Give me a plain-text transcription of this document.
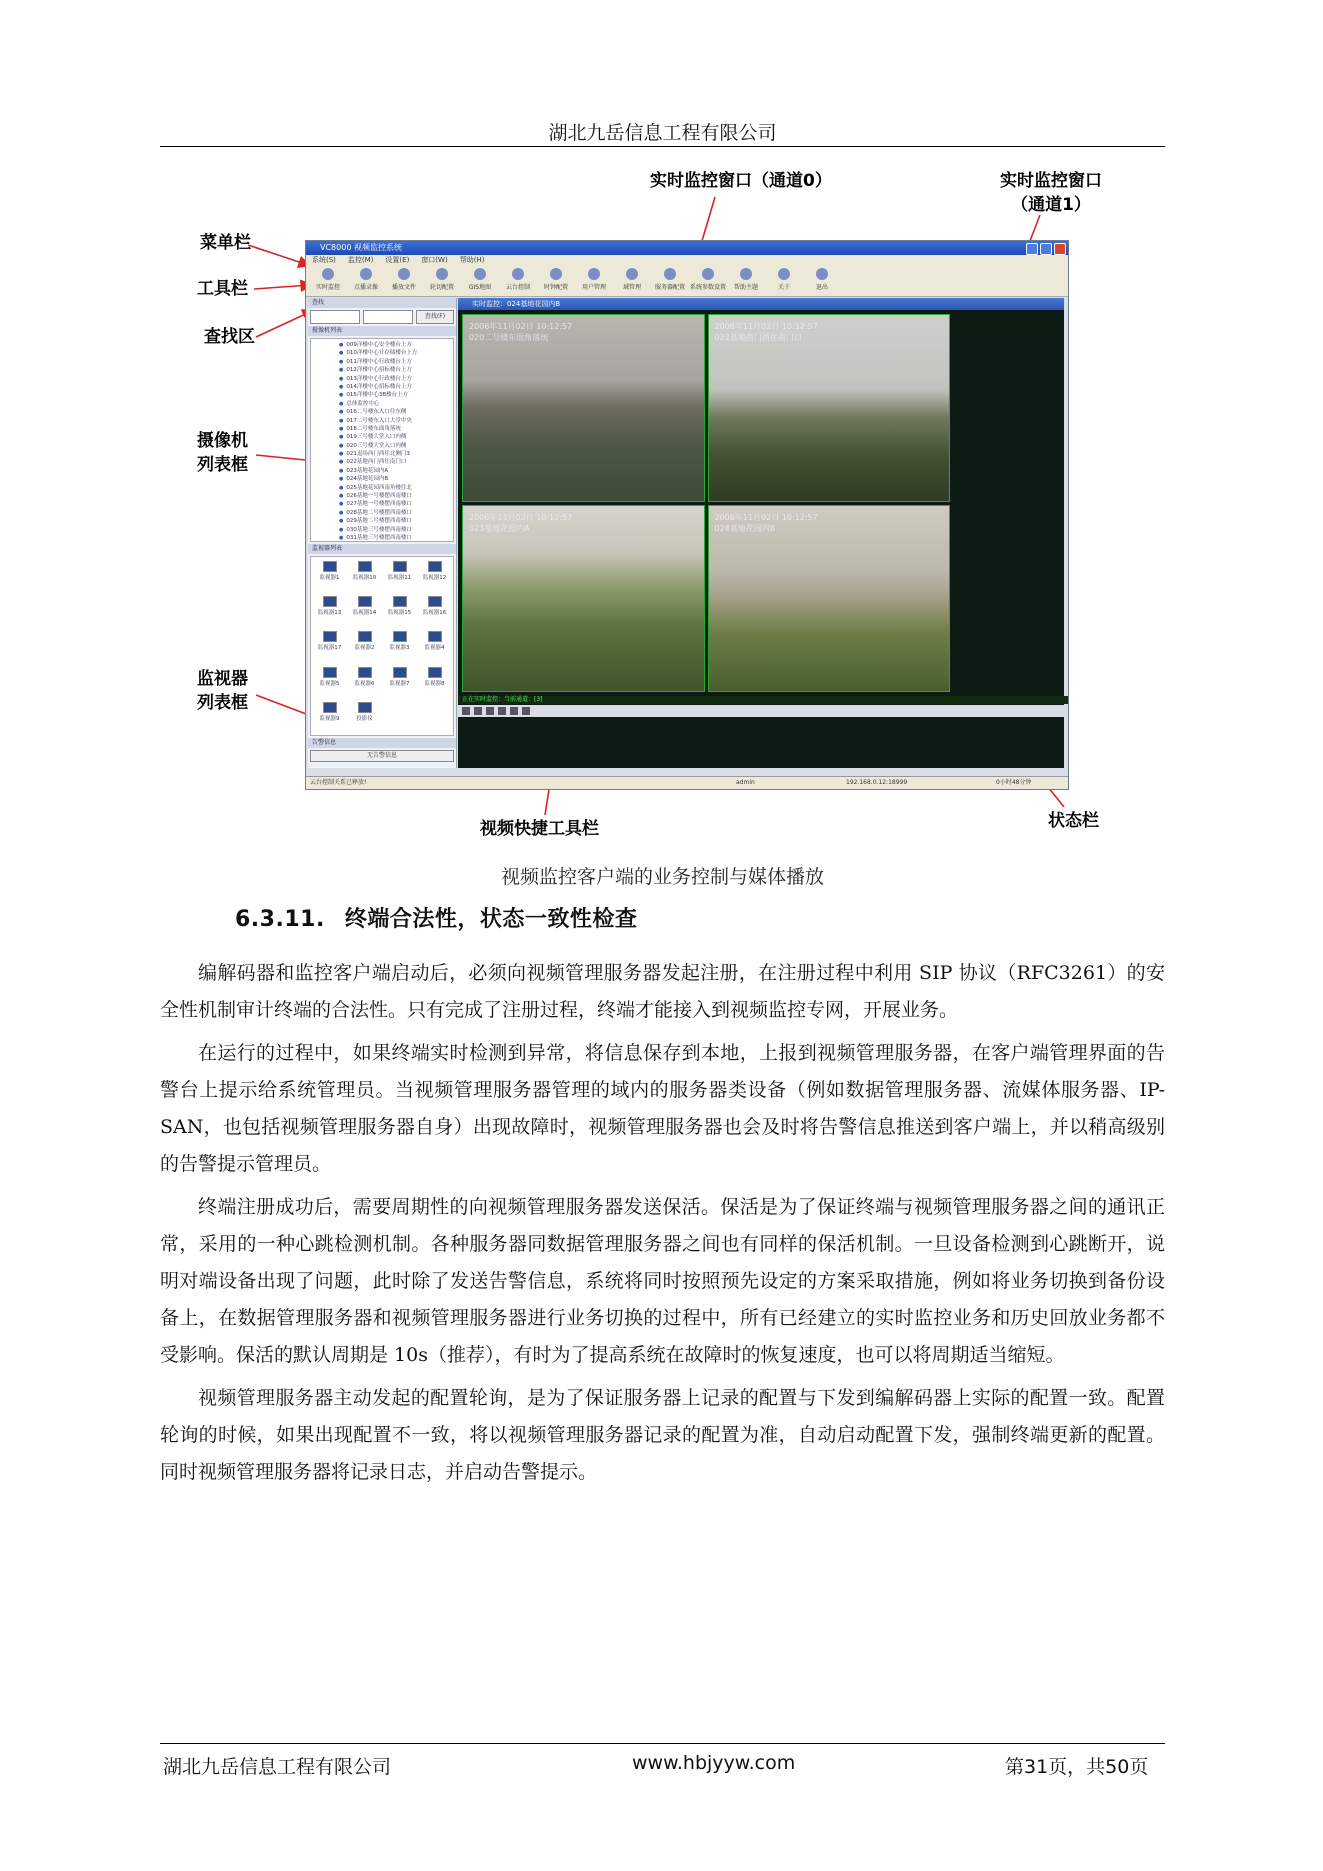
湖北九岳信息工程有限公司
实时监控窗口（通道0）	实时监控窗口
（通道1）
菜单栏
工具栏
查找区
摄像机
列表框
监视器
列表框
视频快捷工具栏	状态栏
VC8000 视频监控系统
系统(S) 监控(M) 设置(E) 窗口(W) 帮助(H)
实时监控 点播录像 播放文件 轮切配置 GIS地图 云台控制 时钟配置 用户管理	域管理 服务器配置 系统参数设置 帮助主题	关于	退出
查找
查找(F)
摄像机列表
● 009洋楼中心安全楼台上方
● 010洋楼中心计存储楼台上方
● 011洋楼中心行政楼台上方
● 012洋楼中心招标楼台上方
● 013洋楼中心行政楼台上方
● 014洋楼中心招标楼台上方
● 015洋楼中心3B楼台上方
● 总体监控中心
● 016二号楼东入口往东侧
● 017二号楼东入口大堂中央
● 018二号楼东面角落统
● 019三号楼大堂入口内侧
● 020三号楼大堂入口内侧
● 021退场西门西往北侧门3
● 022基地西门西往南门口
● 023基地花园内A
● 024基地花园内B
● 025基地花园西南角楼往北
● 026基地一号楼摆西南楼口
● 027基地一号楼摆西南楼口
● 028基地二号楼摆西南楼口
● 029基地二号楼摆西南楼口
● 030基地三号楼摆西南楼口
● 031基地三号楼摆西南楼口
监视器列表
监视器1 监视器10 监视器11 监视器12
监视器13 监视器14 监视器15 监视器16
监视器17 监视器2	监视器3	监视器4
监视器5	监视器6	监视器7	监视器8
监视器9	投影仪
告警信息
无告警信息
实时监控：024基地花园内B
2006年11月02日 10:12:57
020二号楼东面角落统
2006年11月02日 10:12:57
022基地西门西往南门口
2006年11月02日 10:12:57
023基地花园内A
2006年11月02日 10:12:57
024基地花园内B
正在实时监控：当前通道：[3]
云台控制关系已释放!	admin	192.168.0.12:18999	0小时48分钟
视频监控客户端的业务控制与媒体播放
6.3.11. 终端合法性，状态一致性检查

编解码器和监控客户端启动后，必须向视频管理服务器发起注册，在注册过程中利用 SIP 协议（RFC3261）的安全性机制审计终端的合法性。只有完成了注册过程，终端才能接入到视频监控专网，开展业务。

在运行的过程中，如果终端实时检测到异常，将信息保存到本地，上报到视频管理服务器，在客户端管理界面的告警台上提示给系统管理员。当视频管理服务器管理的域内的服务器类设备（例如数据管理服务器、流媒体服务器、IP-SAN，也包括视频管理服务器自身）出现故障时，视频管理服务器也会及时将告警信息推送到客户端上，并以稍高级别的告警提示管理员。

终端注册成功后，需要周期性的向视频管理服务器发送保活。保活是为了保证终端与视频管理服务器之间的通讯正常，采用的一种心跳检测机制。各种服务器同数据管理服务器之间也有同样的保活机制。一旦设备检测到心跳断开，说明对端设备出现了问题，此时除了发送告警信息，系统将同时按照预先设定的方案采取措施，例如将业务切换到备份设备上，在数据管理服务器和视频管理服务器进行业务切换的过程中，所有已经建立的实时监控业务和历史回放业务都不受影响。保活的默认周期是 10s（推荐），有时为了提高系统在故障时的恢复速度，也可以将周期适当缩短。

视频管理服务器主动发起的配置轮询，是为了保证服务器上记录的配置与下发到编解码器上实际的配置一致。配置轮询的时候，如果出现配置不一致，将以视频管理服务器记录的配置为准，自动启动配置下发，强制终端更新的配置。同时视频管理服务器将记录日志，并启动告警提示。

湖北九岳信息工程有限公司	www.hbjyyw.com	第31页，共50页
